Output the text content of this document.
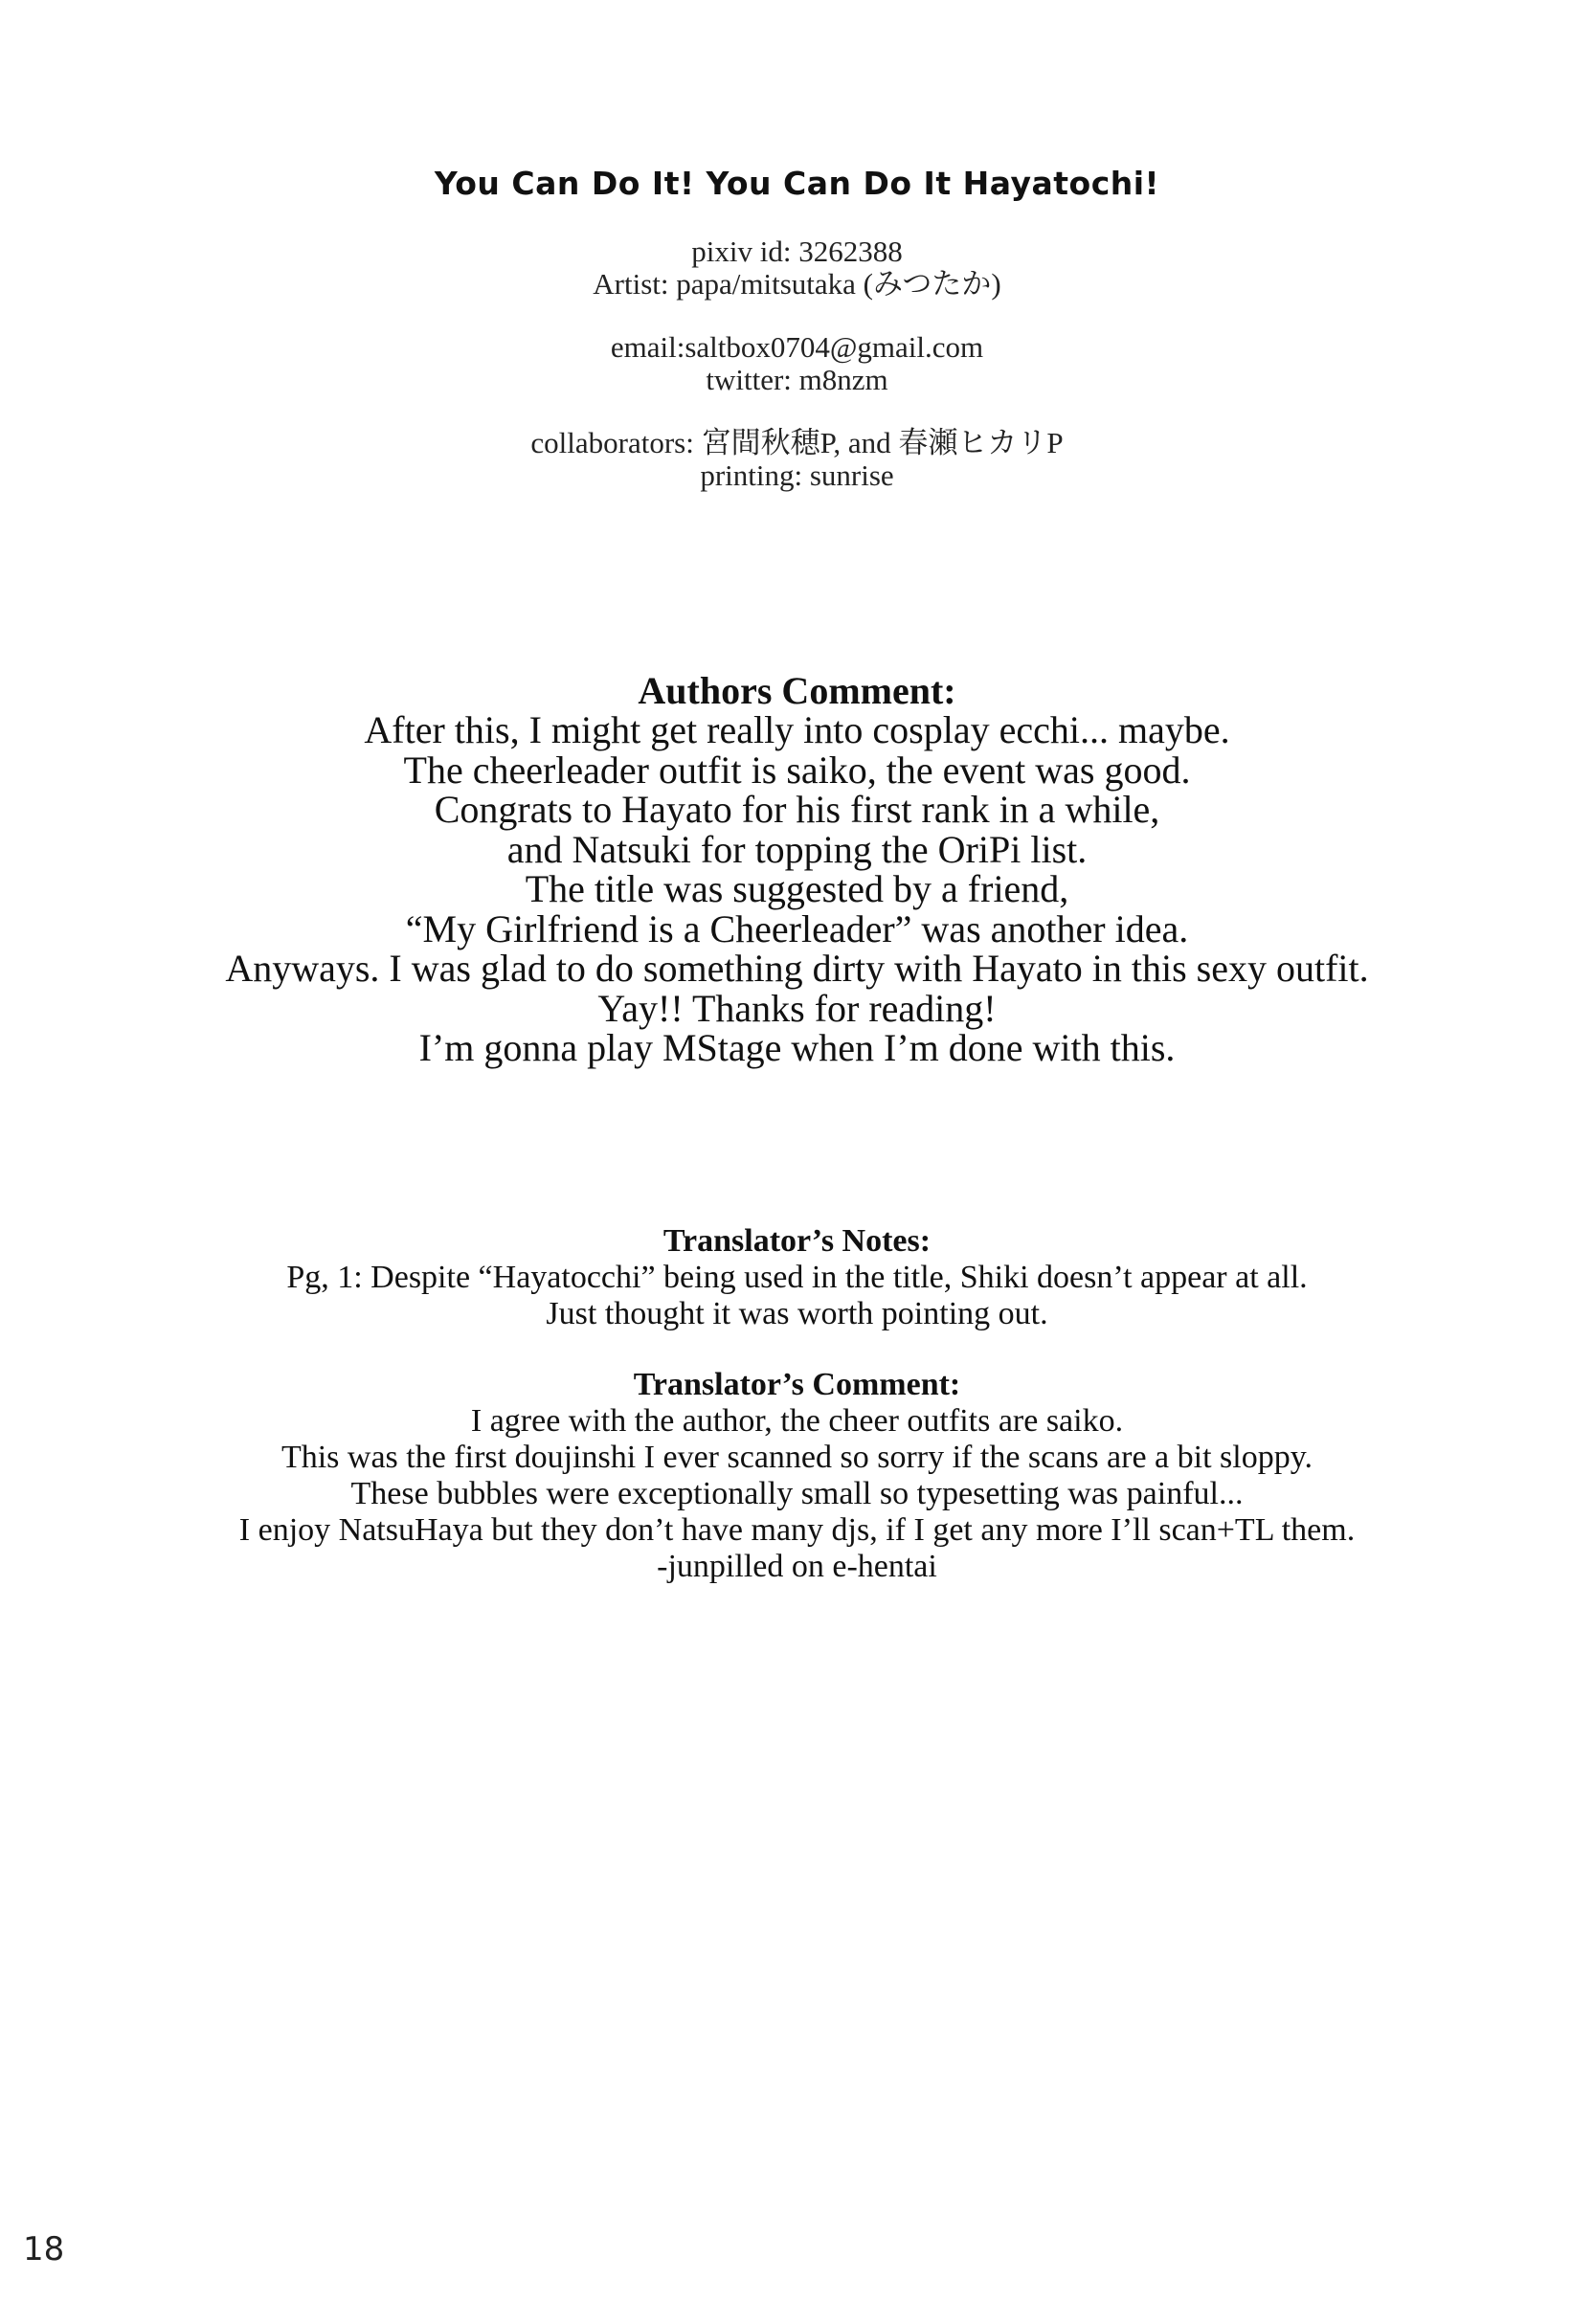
You Can Do It! You Can Do It Hayatochi!
pixiv id: 3262388
Artist: papa/mitsutaka (みつたか)
email:saltbox0704@gmail.com
twitter: m8nzm
collaborators: 宮間秋穂P, and 春瀬ヒカリP
printing: sunrise
Authors Comment:
After this, I might get really into cosplay ecchi... maybe.
The cheerleader outfit is saiko, the event was good.
Congrats to Hayato for his first rank in a while,
and Natsuki for topping the OriPi list.
The title was suggested by a friend,
“My Girlfriend is a Cheerleader” was another idea.
Anyways. I was glad to do something dirty with Hayato in this sexy outfit.
Yay!! Thanks for reading!
I’m gonna play MStage when I’m done with this.
Translator’s Notes:
Pg, 1: Despite “Hayatocchi” being used in the title, Shiki doesn’t appear at all.
Just thought it was worth pointing out.
Translator’s Comment:
I agree with the author, the cheer outfits are saiko.
This was the first doujinshi I ever scanned so sorry if the scans are a bit sloppy.
These bubbles were exceptionally small so typesetting was painful...
I enjoy NatsuHaya but they don’t have many djs, if I get any more I’ll scan+TL them.
-junpilled on e-hentai
18
